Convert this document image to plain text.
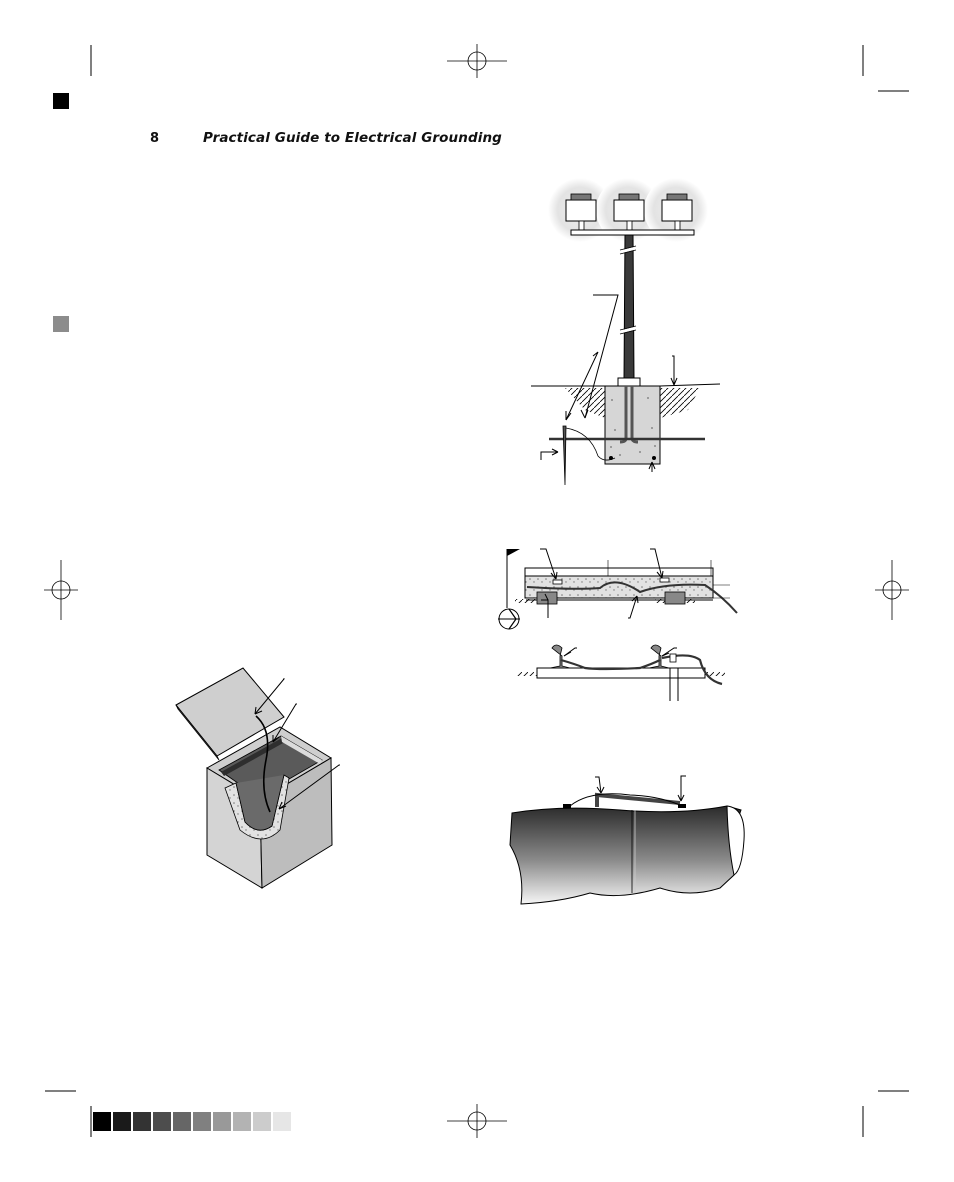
8	Practical Guide to Electrical Grounding
